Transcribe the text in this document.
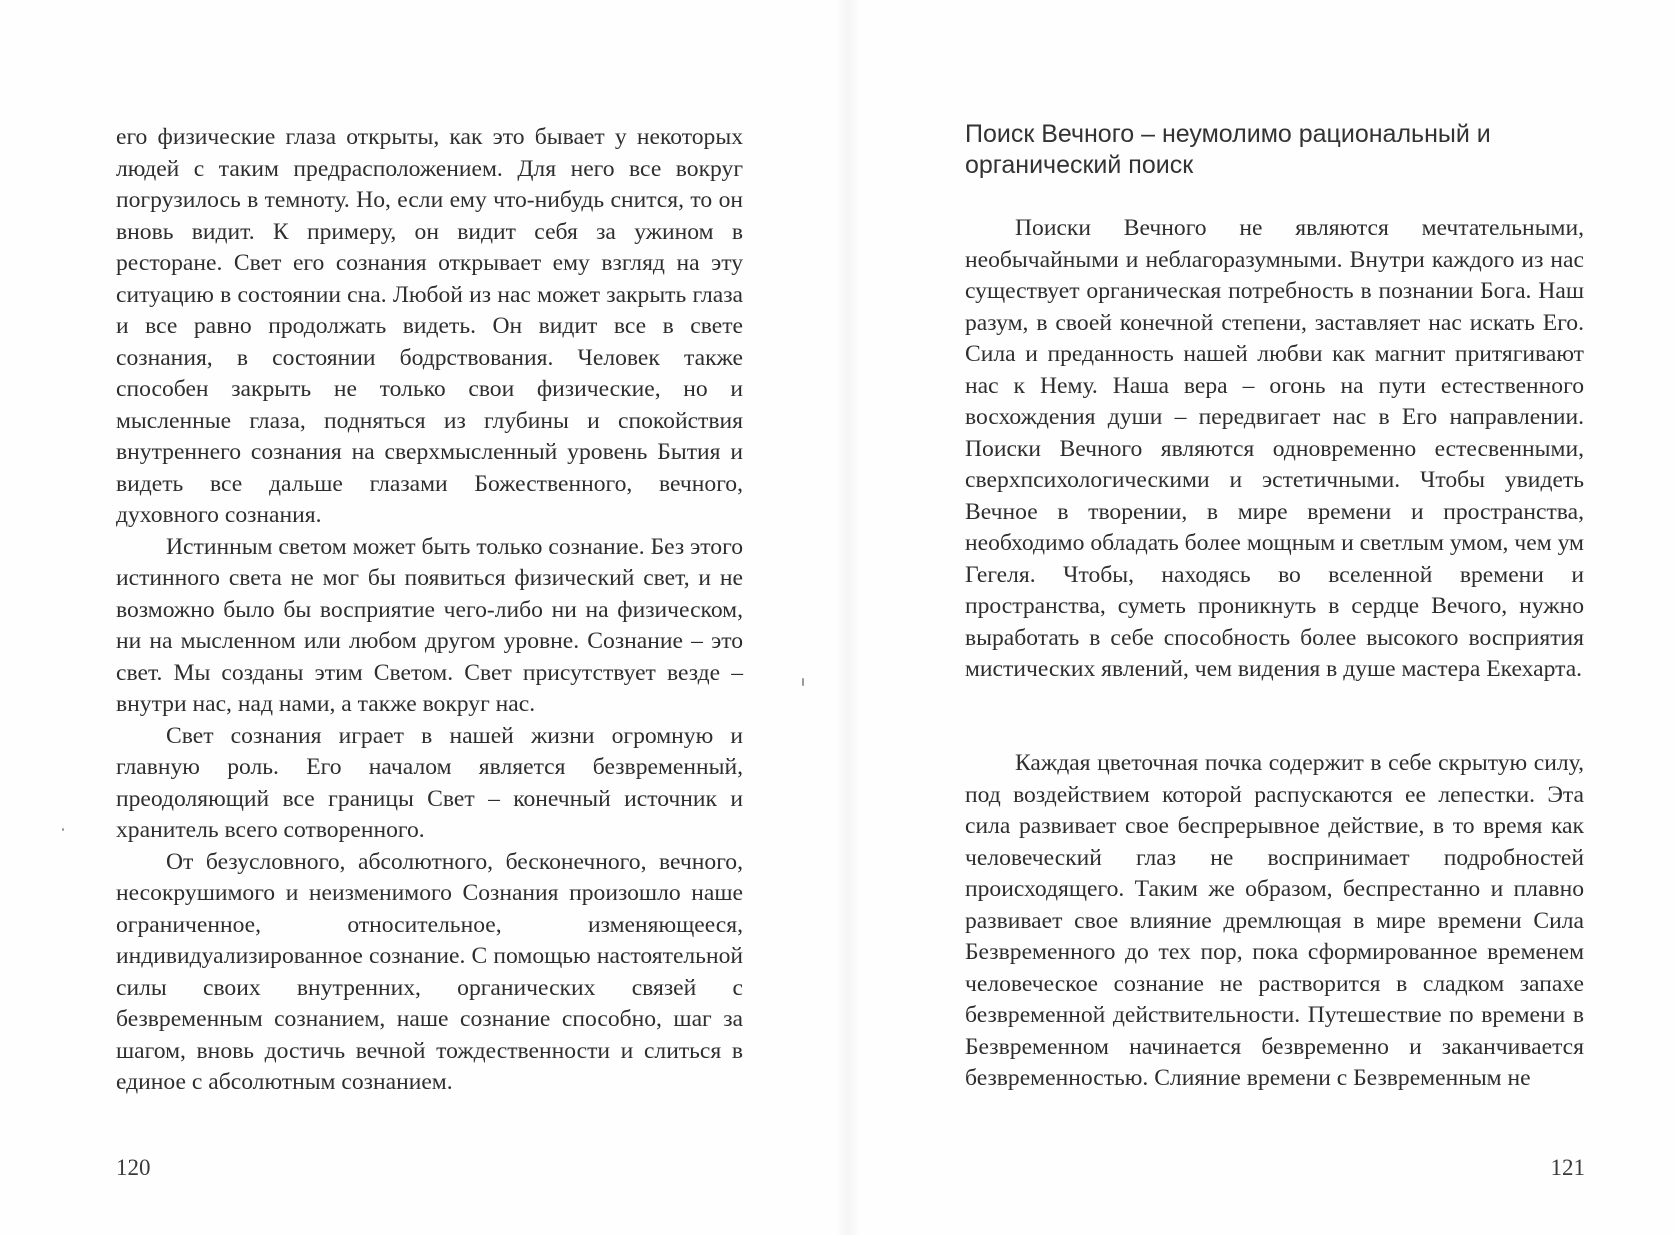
его физические глаза открыты, как это бывает у некоторых людей с таким предрасположением. Для него все вокруг погрузилось в темноту. Но, если ему что-нибудь снится, то он вновь видит. К примеру, он видит себя за ужином в ресторане. Свет его сознания открывает ему взгляд на эту ситуацию в состоянии сна. Любой из нас может закрыть глаза и все равно продолжать видеть. Он видит все в свете сознания, в состоянии бодрствования. Человек также способен закрыть не только свои физические, но и мысленные глаза, подняться из глубины и спокойствия внутреннего сознания на сверхмысленный уровень Бытия и видеть все дальше глазами Божественного, вечного, духовного сознания.

Истинным светом может быть только сознание. Без этого истинного света не мог бы появиться физический свет, и не возможно было бы восприятие чего-либо ни на физическом, ни на мысленном или любом другом уровне. Сознание – это свет. Мы созданы этим Светом. Свет присутствует везде – внутри нас, над нами, а также вокруг нас.

Свет сознания играет в нашей жизни огромную и главную роль. Его началом является безвременный, преодоляющий все границы Свет – конечный источник и хранитель всего сотворенного.

От безусловного, абсолютного, бесконечного, вечного, несокрушимого и неизменимого Сознания произошло наше ограниченное, относительное, изменяющееся, индивидуализированное сознание. С помощью настоятельной силы своих внутренних, органических связей с безвременным сознанием, наше сознание способно, шаг за шагом, вновь достичь вечной тождественности и слиться в единое с абсолютным сознанием.

120
Поиск Вечного – неумолимо рациональный и органический поиск

Поиски Вечного не являются мечтательными, необычайными и неблагоразумными. Внутри каждого из нас существует органическая потребность в познании Бога. Наш разум, в своей конечной степени, заставляет нас искать Его. Сила и преданность нашей любви как магнит притягивают нас к Нему. Наша вера – огонь на пути естественного восхождения души – передвигает нас в Его направлении. Поиски Вечного являются одновременно естесвенными, сверхпсихологическими и эстетичными. Чтобы увидеть Вечное в творении, в мире времени и пространства, необходимо обладать более мощным и светлым умом, чем ум Гегеля. Чтобы, находясь во вселенной времени и пространства, суметь проникнуть в сердце Вечого, нужно выработать в себе способность более высокого восприятия мистических явлений, чем видения в душе мастера Екехарта.

Каждая цветочная почка содержит в себе скрытую силу, под воздействием которой распускаются ее лепестки. Эта сила развивает свое беспрерывное действие, в то время как человеческий глаз не воспринимает подробностей происходящего. Таким же образом, беспрестанно и плавно развивает свое влияние дремлющая в мире времени Сила Безвременного до тех пор, пока сформированное временем человеческое сознание не растворится в сладком запахе безвременной действительности. Путешествие по времени в Безвременном начинается безвременно и заканчивается безвременностью. Слияние времени с Безвременным не

121
